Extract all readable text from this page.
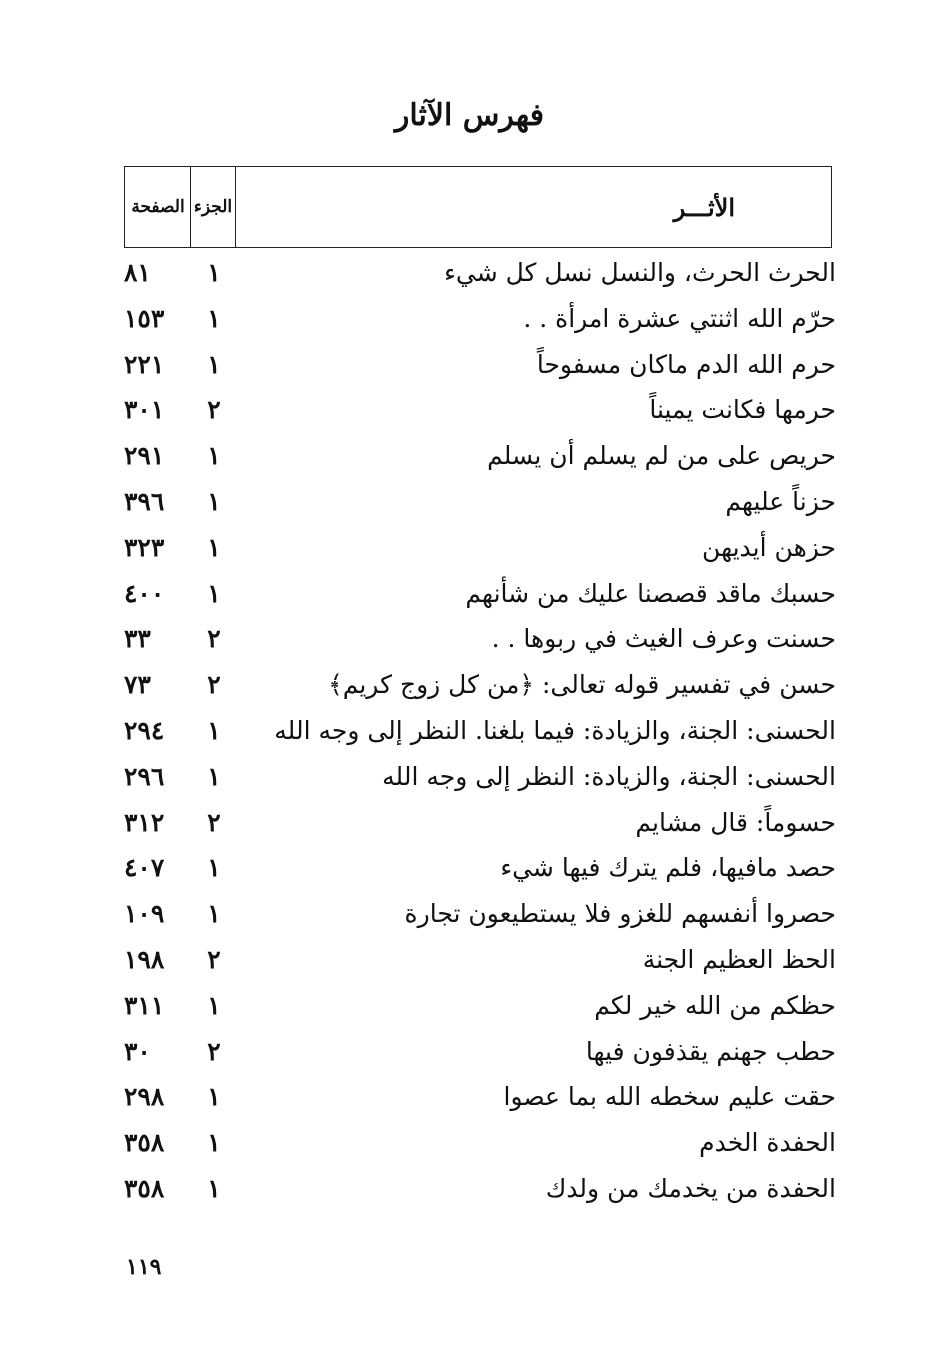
فهرس الآثار
الأثـــر
الجزء
الصفحة
الحرث الحرث، والنسل نسل كل شيء
١
٨١
حرّم الله اثنتي عشرة امرأة . .
١
١٥٣
حرم الله الدم ماكان مسفوحاً
١
٢٢١
حرمها فكانت يميناً
٢
٣٠١
حريص على من لم يسلم أن يسلم
١
٢٩١
حزناً عليهم
١
٣٩٦
حزهن أيديهن
١
٣٢٣
حسبك ماقد قصصنا عليك من شأنهم
١
٤٠٠
حسنت وعرف الغيث في ربوها . .
٢
٣٣
حسن في تفسير قوله تعالى: ﴿من كل زوج كريم﴾
٢
٧٣
الحسنى: الجنة، والزيادة: فيما بلغنا. النظر إلى وجه الله
١
٢٩٤
الحسنى: الجنة، والزيادة: النظر إلى وجه الله
١
٢٩٦
حسوماً: قال مشايم
٢
٣١٢
حصد مافيها، فلم يترك فيها شيء
١
٤٠٧
حصروا أنفسهم للغزو فلا يستطيعون تجارة
١
١٠٩
الحظ العظيم الجنة
٢
١٩٨
حظكم من الله خير لكم
١
٣١١
حطب جهنم يقذفون فيها
٢
٣٠
حقت عليم سخطه الله بما عصوا
١
٢٩٨
الحفدة الخدم
١
٣٥٨
الحفدة من يخدمك من ولدك
١
٣٥٨
١١٩
